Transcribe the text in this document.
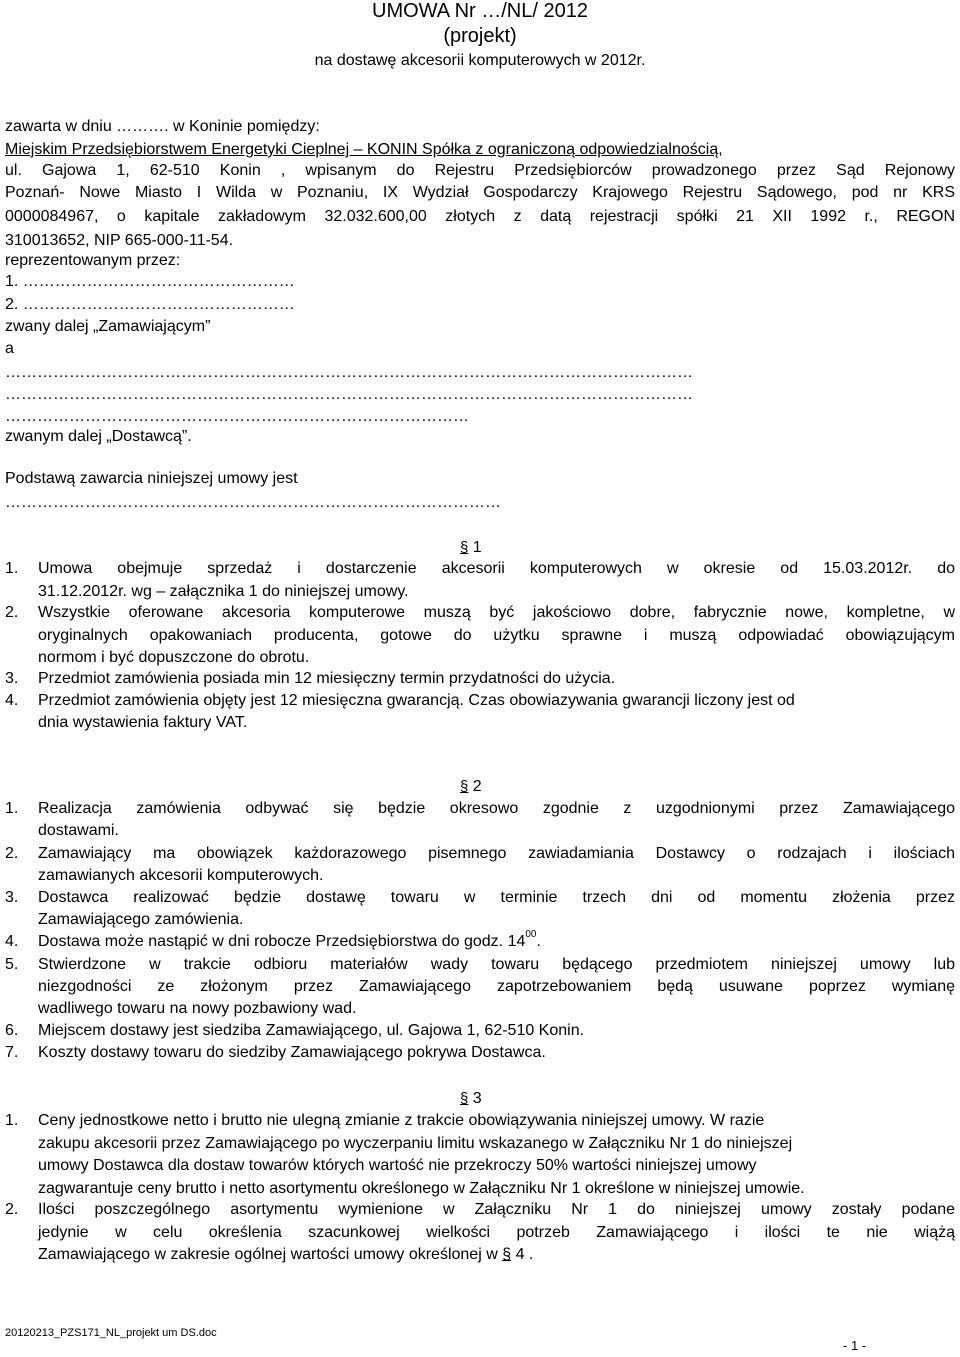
UMOWA Nr …/NL/ 2012
(projekt)
na dostawę akcesorii komputerowych w 2012r.
zawarta w dniu ………. w Koninie pomiędzy:
Miejskim Przedsiębiorstwem Energetyki Cieplnej – KONIN Spółka z ograniczoną odpowiedzialnością,
ul. Gajowa 1, 62-510 Konin , wpisanym do Rejestru Przedsiębiorców prowadzonego przez Sąd Rejonowy
Poznań- Nowe Miasto I Wilda w Poznaniu, IX Wydział Gospodarczy Krajowego Rejestru Sądowego, pod nr KRS
0000084967, o kapitale zakładowym 32.032.600,00 złotych z datą rejestracji spółki 21 XII 1992 r., REGON
310013652, NIP 665-000-11-54.
reprezentowanym przez:
1. ……………………………………………
2. ……………………………………………
zwany dalej „Zamawiającym”
a
…………………………………………………………………………………………………………………
…………………………………………………………………………………………………………………
……………………………………………………………………………
zwanym dalej „Dostawcą”.
Podstawą zawarcia niniejszej umowy jest
…………………………………………………………………………………
§ 1
1. Umowa obejmuje sprzedaż i dostarczenie akcesorii komputerowych w okresie od 15.03.2012r. do
31.12.2012r. wg – załącznika 1 do niniejszej umowy.
2. Wszystkie oferowane akcesoria komputerowe muszą być jakościowo dobre, fabrycznie nowe, kompletne, w
oryginalnych opakowaniach producenta, gotowe do użytku sprawne i muszą odpowiadać obowiązującym
normom i być dopuszczone do obrotu.
3. Przedmiot zamówienia posiada min 12 miesięczny termin przydatności do użycia.
4. Przedmiot zamówienia objęty jest 12 miesięczna gwarancją. Czas obowiazywania gwarancji liczony jest od
dnia wystawienia faktury VAT.
§ 2
1. Realizacja zamówienia odbywać się będzie okresowo zgodnie z uzgodnionymi przez Zamawiającego
dostawami.
2. Zamawiający ma obowiązek każdorazowego pisemnego zawiadamiania Dostawcy o rodzajach i ilościach
zamawianych akcesorii komputerowych.
3. Dostawca realizować będzie dostawę towaru w terminie trzech dni od momentu złożenia przez
Zamawiającego zamówienia.
4. Dostawa może nastąpić w dni robocze Przedsiębiorstwa do godz. $14^{00}$.
5. Stwierdzone w trakcie odbioru materiałów wady towaru będącego przedmiotem niniejszej umowy lub
niezgodności ze złożonym przez Zamawiającego zapotrzebowaniem będą usuwane poprzez wymianę
wadliwego towaru na nowy pozbawiony wad.
6. Miejscem dostawy jest siedziba Zamawiającego, ul. Gajowa 1, 62-510 Konin.
7. Koszty dostawy towaru do siedziby Zamawiającego pokrywa Dostawca.
§ 3
1. Ceny jednostkowe netto i brutto nie ulegną zmianie z trakcie obowiązywania niniejszej umowy. W razie
zakupu akcesorii przez Zamawiającego po wyczerpaniu limitu wskazanego w Załączniku Nr 1 do niniejszej
umowy Dostawca dla dostaw towarów których wartość nie przekroczy 50% wartości niniejszej umowy
zagwarantuje ceny brutto i netto asortymentu określonego w Załączniku Nr 1 określone w niniejszej umowie.
2. Ilości poszczególnego asortymentu wymienione w Załączniku Nr 1 do niniejszej umowy zostały podane
jedynie w celu określenia szacunkowej wielkości potrzeb Zamawiającego i ilości te nie wiążą
Zamawiającego w zakresie ogólnej wartości umowy określonej w § 4 .
20120213_PZS171_NL_projekt um DS.doc
- 1 -
